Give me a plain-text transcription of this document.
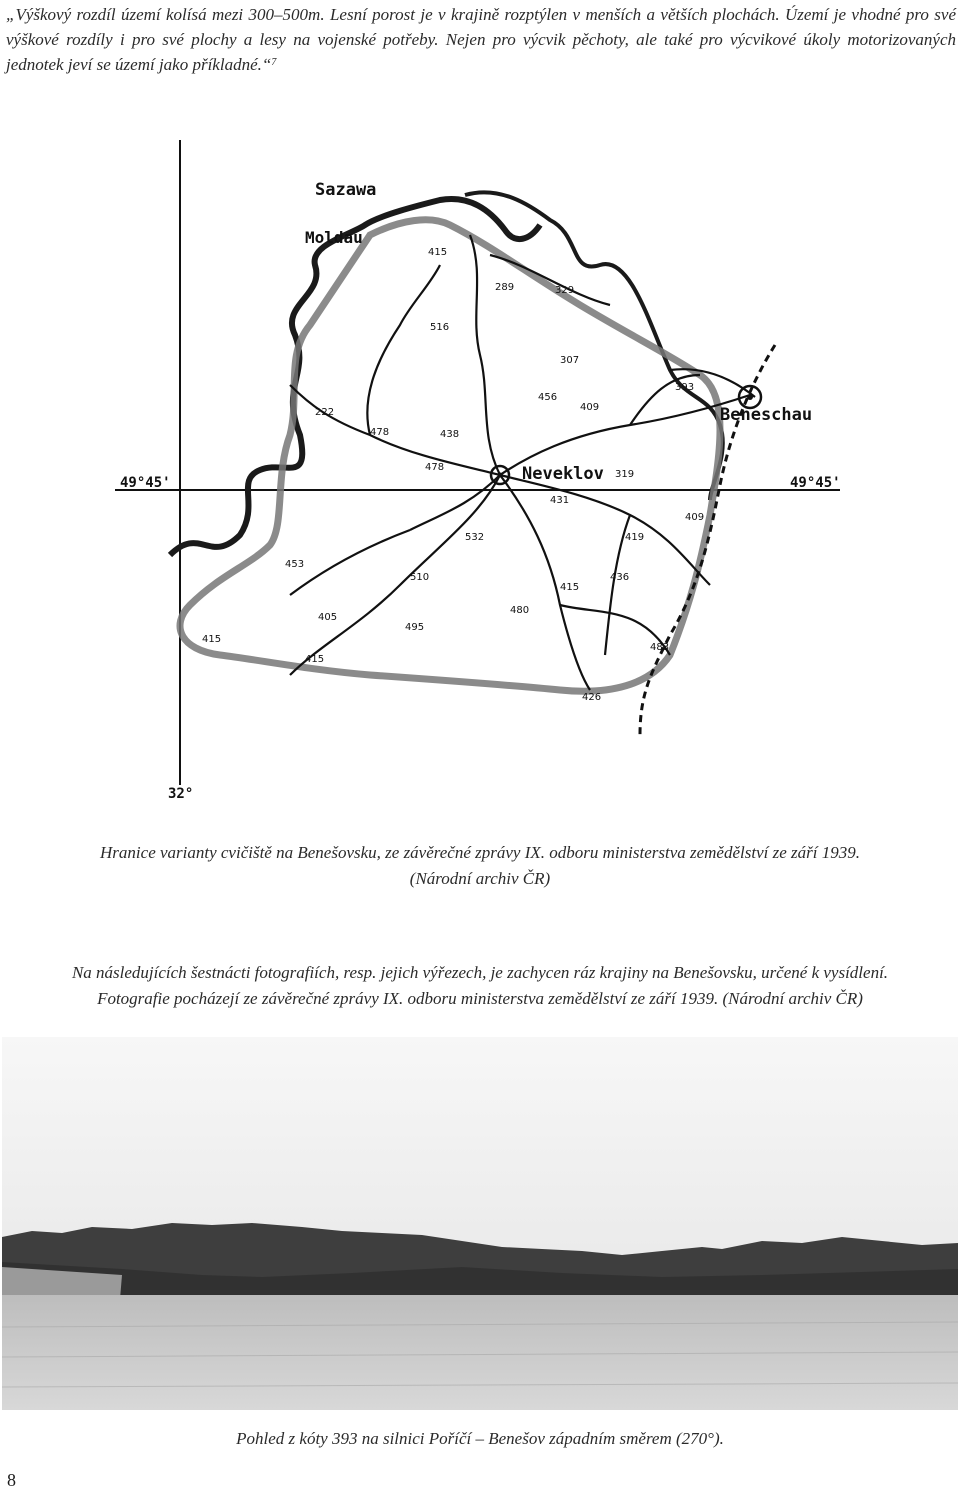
„Výškový rozdíl území kolísá mezi 300–500m. Lesní porost je v krajině rozptýlen v menších a větších plochách. Území je vhodné pro své výškové rozdíly i pro své plochy a lesy na vojenské potřeby. Nejen pro výcvik pěchoty, ale také pro výcvikové úkoly motorizovaných jednotek jeví se území jako příkladné.“$^7$

Sazawa
Moldau
Beneschau
Neveklov
49°45'	49°45'
32°
415
289	329
516
307
393
456
409
222
478	438
478
319
431
409
532	419
453
510	436
415
405
480
495
415
415
483
426
Hranice varianty cvičiště na Benešovsku, ze závěrečné zprávy IX. odboru ministerstva zemědělství ze září 1939.
(Národní archiv ČR)
Na následujících šestnácti fotografiích, resp. jejich výřezech, je zachycen ráz krajiny na Benešovsku, určené k vysídlení.
Fotografie pocházejí ze závěrečné zprávy IX. odboru ministerstva zemědělství ze září 1939. (Národní archiv ČR)
Pohled z kóty 393 na silnici Poříčí – Benešov západním směrem (270°).
8
